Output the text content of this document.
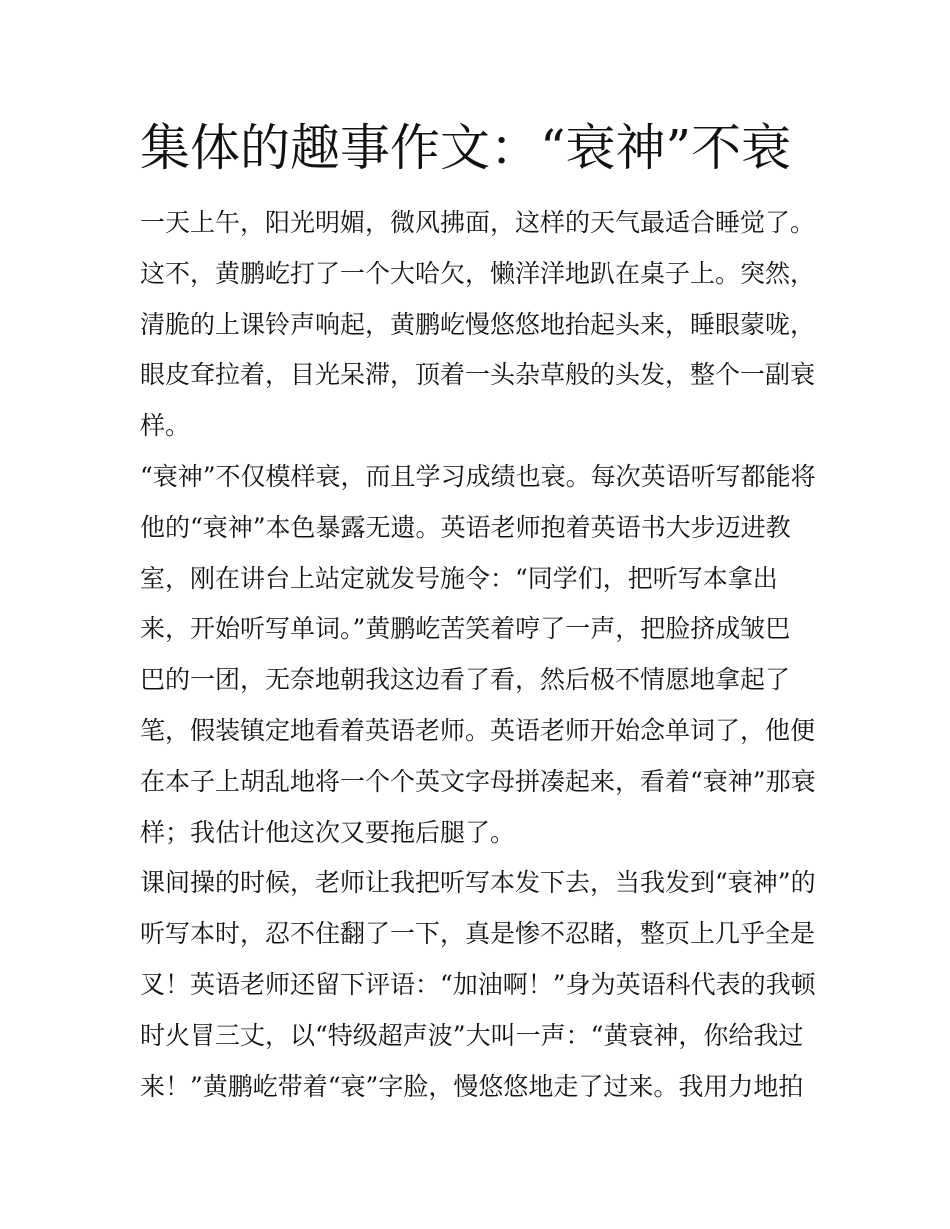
集体的趣事作文：“衰神”不衰
一天上午，阳光明媚，微风拂面，这样的天气最适合睡觉了。
这不，黄鹏屹打了一个大哈欠，懒洋洋地趴在桌子上。突然，
清脆的上课铃声响起，黄鹏屹慢悠悠地抬起头来，睡眼蒙咙，
眼皮耷拉着，目光呆滞，顶着一头杂草般的头发，整个一副衰
样。
“衰神”不仅模样衰，而且学习成绩也衰。每次英语听写都能将
他的“衰神”本色暴露无遗。英语老师抱着英语书大步迈进教
室，刚在讲台上站定就发号施令：“同学们，把听写本拿出
来，开始听写单词。”黄鹏屹苦笑着哼了一声，把脸挤成皱巴
巴的一团，无奈地朝我这边看了看，然后极不情愿地拿起了
笔，假装镇定地看着英语老师。英语老师开始念单词了，他便
在本子上胡乱地将一个个英文字母拼凑起来，看着“衰神”那衰
样；我估计他这次又要拖后腿了。
课间操的时候，老师让我把听写本发下去，当我发到“衰神”的
听写本时，忍不住翻了一下，真是惨不忍睹，整页上几乎全是
叉！英语老师还留下评语：“加油啊！”身为英语科代表的我顿
时火冒三丈，以“特级超声波”大叫一声：“黄衰神，你给我过
来！”黄鹏屹带着“衰”字脸，慢悠悠地走了过来。我用力地拍
